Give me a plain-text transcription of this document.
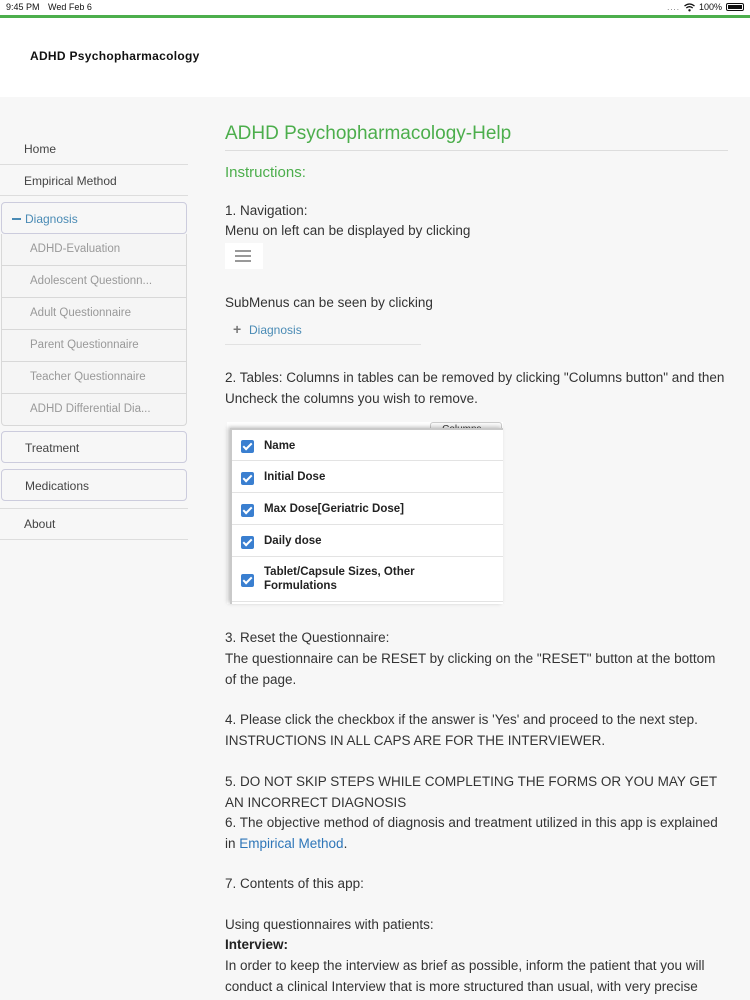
9:45 PM Wed Feb 6	.... 100%
ADHD Psychopharmacology
Home
Empirical Method
Diagnosis
ADHD-Evaluation
Adolescent Questionn...
Adult Questionnaire
Parent Questionnaire
Teacher Questionnaire
ADHD Differential Dia...
Treatment
Medications
About
ADHD Psychopharmacology-Help
Instructions:
1. Navigation:
Menu on left can be displayed by clicking
SubMenus can be seen by clicking
+ Diagnosis
2. Tables: Columns in tables can be removed by clicking "Columns button" and then Uncheck the columns you wish to remove.
Name
Initial Dose
Max Dose[Geriatric Dose]
Daily dose
Tablet/Capsule Sizes, Other Formulations
3. Reset the Questionnaire:
The questionnaire can be RESET by clicking on the "RESET" button at the bottom of the page.
4. Please click the checkbox if the answer is 'Yes' and proceed to the next step.
INSTRUCTIONS IN ALL CAPS ARE FOR THE INTERVIEWER.
5. DO NOT SKIP STEPS WHILE COMPLETING THE FORMS OR YOU MAY GET AN INCORRECT DIAGNOSIS
6. The objective method of diagnosis and treatment utilized in this app is explained in Empirical Method.
7. Contents of this app:
Using questionnaires with patients:
Interview:
In order to keep the interview as brief as possible, inform the patient that you will conduct a clinical Interview that is more structured than usual, with very precise
